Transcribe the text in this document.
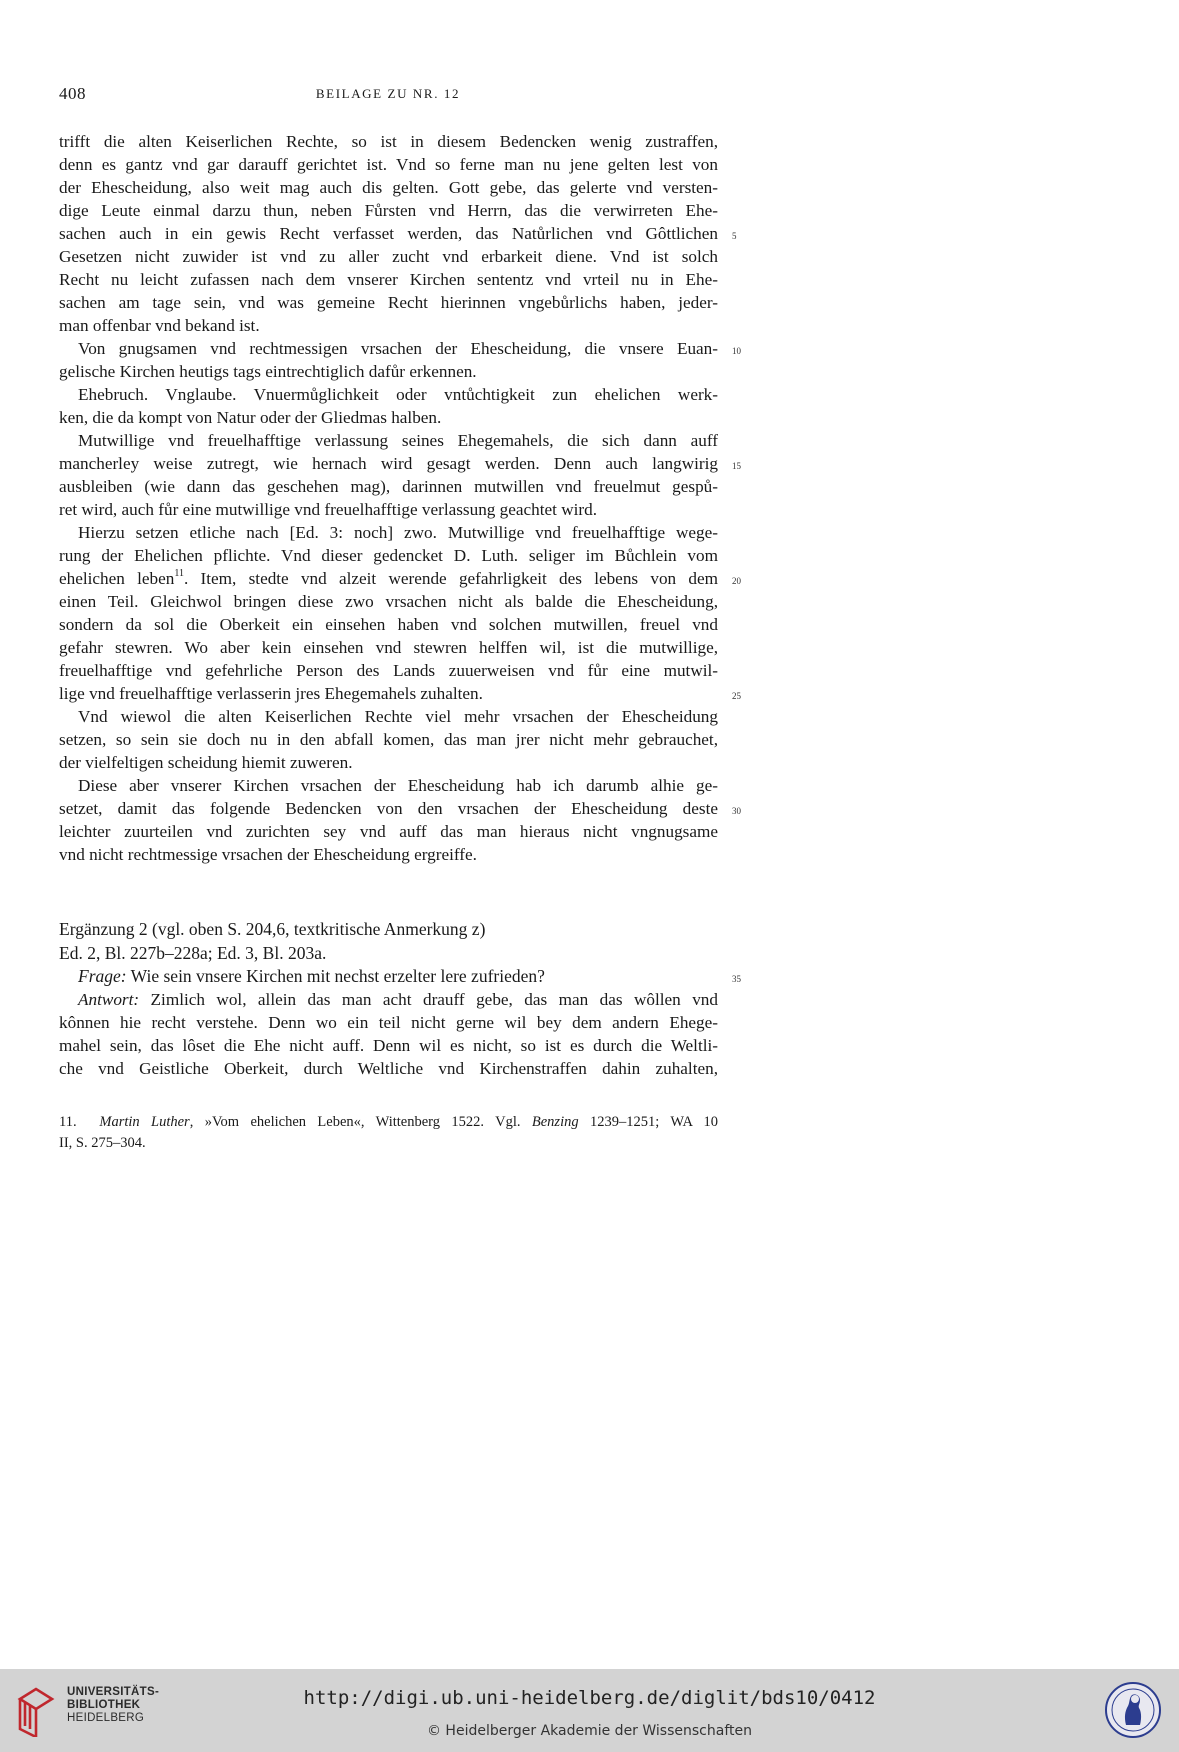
408	BEILAGE ZU NR. 12
trifft die alten Keiserlichen Rechte, so ist in diesem Bedencken wenig zustraffen,
denn es gantz vnd gar darauff gerichtet ist. Vnd so ferne man nu jene gelten lest von
der Ehescheidung, also weit mag auch dis gelten. Gott gebe, das gelerte vnd versten-
dige Leute einmal darzu thun, neben Fůrsten vnd Herrn, das die verwirreten Ehe-
sachen auch in ein gewis Recht verfasset werden, das Natůrlichen vnd Gôttlichen
Gesetzen nicht zuwider ist vnd zu aller zucht vnd erbarkeit diene. Vnd ist solch
Recht nu leicht zufassen nach dem vnserer Kirchen sententz vnd vrteil nu in Ehe-
sachen am tage sein, vnd was gemeine Recht hierinnen vngebůrlichs haben, jeder-
man offenbar vnd bekand ist.
Von gnugsamen vnd rechtmessigen vrsachen der Ehescheidung, die vnsere Euan-
gelische Kirchen heutigs tags eintrechtiglich dafůr erkennen.
Ehebruch. Vnglaube. Vnuermůglichkeit oder vntůchtigkeit zun ehelichen werk-
ken, die da kompt von Natur oder der Gliedmas halben.
Mutwillige vnd freuelhafftige verlassung seines Ehegemahels, die sich dann auff
mancherley weise zutregt, wie hernach wird gesagt werden. Denn auch langwirig
ausbleiben (wie dann das geschehen mag), darinnen mutwillen vnd freuelmut gespů-
ret wird, auch fůr eine mutwillige vnd freuelhafftige verlassung geachtet wird.
Hierzu setzen etliche nach [Ed. 3: noch] zwo. Mutwillige vnd freuelhafftige wege-
rung der Ehelichen pflichte. Vnd dieser gedencket D. Luth. seliger im Bůchlein vom
ehelichen leben$^{11}$. Item, stedte vnd alzeit werende gefahrligkeit des lebens von dem
einen Teil. Gleichwol bringen diese zwo vrsachen nicht als balde die Ehescheidung,
sondern da sol die Oberkeit ein einsehen haben vnd solchen mutwillen, freuel vnd
gefahr stewren. Wo aber kein einsehen vnd stewren helffen wil, ist die mutwillige,
freuelhafftige vnd gefehrliche Person des Lands zuuerweisen vnd fůr eine mutwil-
lige vnd freuelhafftige verlasserin jres Ehegemahels zuhalten.
Vnd wiewol die alten Keiserlichen Rechte viel mehr vrsachen der Ehescheidung
setzen, so sein sie doch nu in den abfall komen, das man jrer nicht mehr gebrauchet,
der vielfeltigen scheidung hiemit zuweren.
Diese aber vnserer Kirchen vrsachen der Ehescheidung hab ich darumb alhie ge-
setzet, damit das folgende Bedencken von den vrsachen der Ehescheidung deste
leichter zuurteilen vnd zurichten sey vnd auff das man hieraus nicht vngnugsame
vnd nicht rechtmessige vrsachen der Ehescheidung ergreiffe.
5
10
15
20
25
30
35
Ergänzung 2 (vgl. oben S. 204,6, textkritische Anmerkung z)
Ed. 2, Bl. 227b–228a; Ed. 3, Bl. 203a.
Frage: Wie sein vnsere Kirchen mit nechst erzelter lere zufrieden?
Antwort: Zimlich wol, allein das man acht drauff gebe, das man das wôllen vnd
kônnen hie recht verstehe. Denn wo ein teil nicht gerne wil bey dem andern Ehege-
mahel sein, das lôset die Ehe nicht auff. Denn wil es nicht, so ist es durch die Weltli-
che vnd Geistliche Oberkeit, durch Weltliche vnd Kirchenstraffen dahin zuhalten,
11. Martin Luther, »Vom ehelichen Leben«, Wittenberg 1522. Vgl. Benzing 1239–1251; WA 10
II, S. 275–304.
UNIVERSITÄTS-
BIBLIOTHEK
HEIDELBERG
http://digi.ub.uni-heidelberg.de/diglit/bds10/0412
© Heidelberger Akademie der Wissenschaften
